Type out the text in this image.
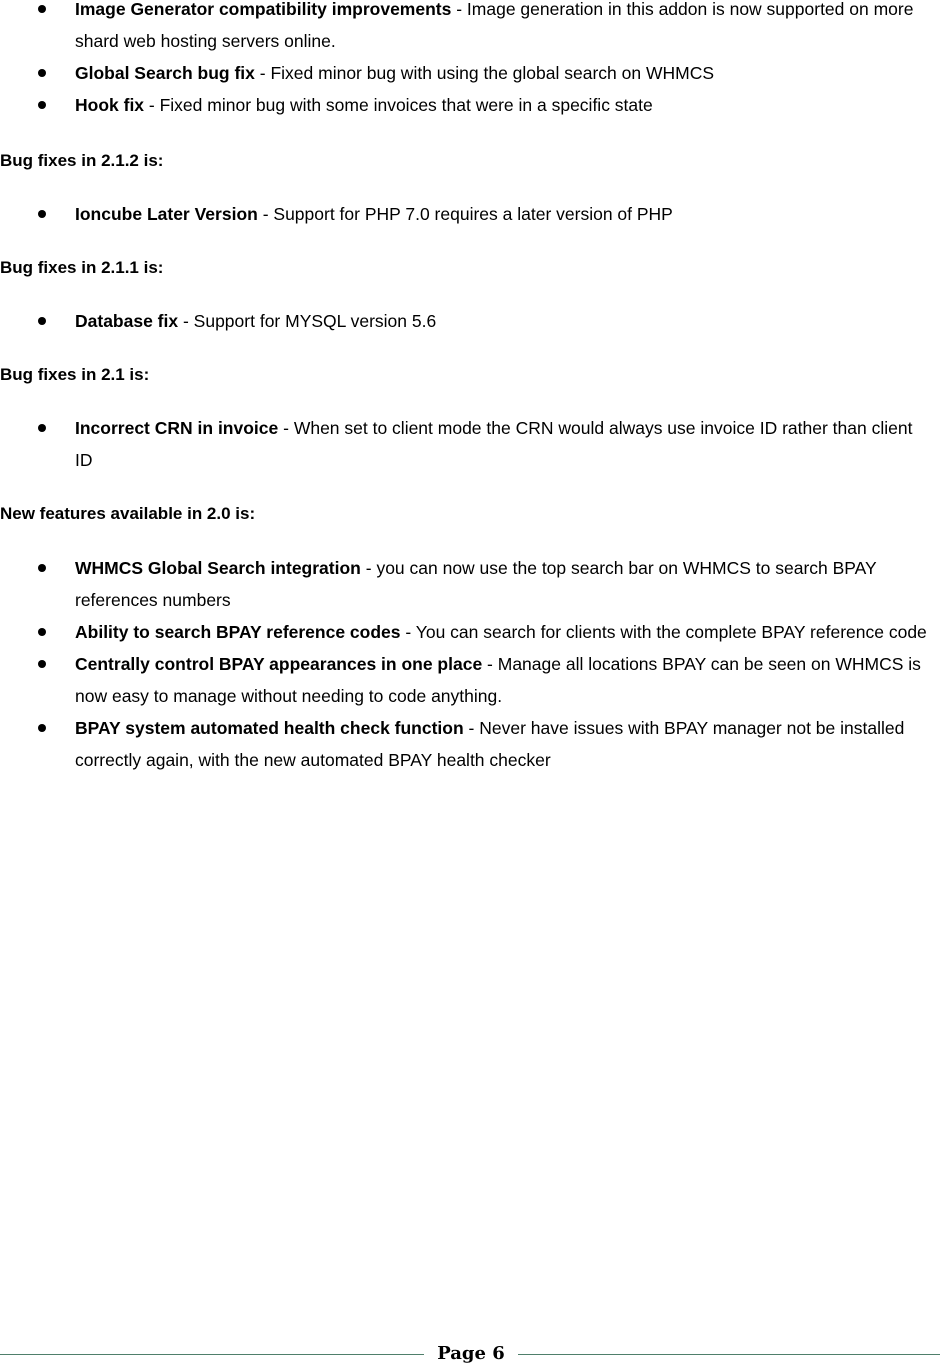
Image Generator compatibility improvements - Image generation in this addon is now supported on more shard web hosting servers online.
Global Search bug fix - Fixed minor bug with using the global search on WHMCS
Hook fix - Fixed minor bug with some invoices that were in a specific state

Bug fixes in 2.1.2 is:

Ioncube Later Version - Support for PHP 7.0 requires a later version of PHP

Bug fixes in 2.1.1 is:

Database fix - Support for MYSQL version 5.6

Bug fixes in 2.1 is:

Incorrect CRN in invoice - When set to client mode the CRN would always use invoice ID rather than client ID

New features available in 2.0 is:

WHMCS Global Search integration - you can now use the top search bar on WHMCS to search BPAY references numbers
Ability to search BPAY reference codes - You can search for clients with the complete BPAY reference code
Centrally control BPAY appearances in one place - Manage all locations BPAY can be seen on WHMCS is now easy to manage without needing to code anything.
BPAY system automated health check function - Never have issues with BPAY manager not be installed correctly again, with the new automated BPAY health checker
Page 6
